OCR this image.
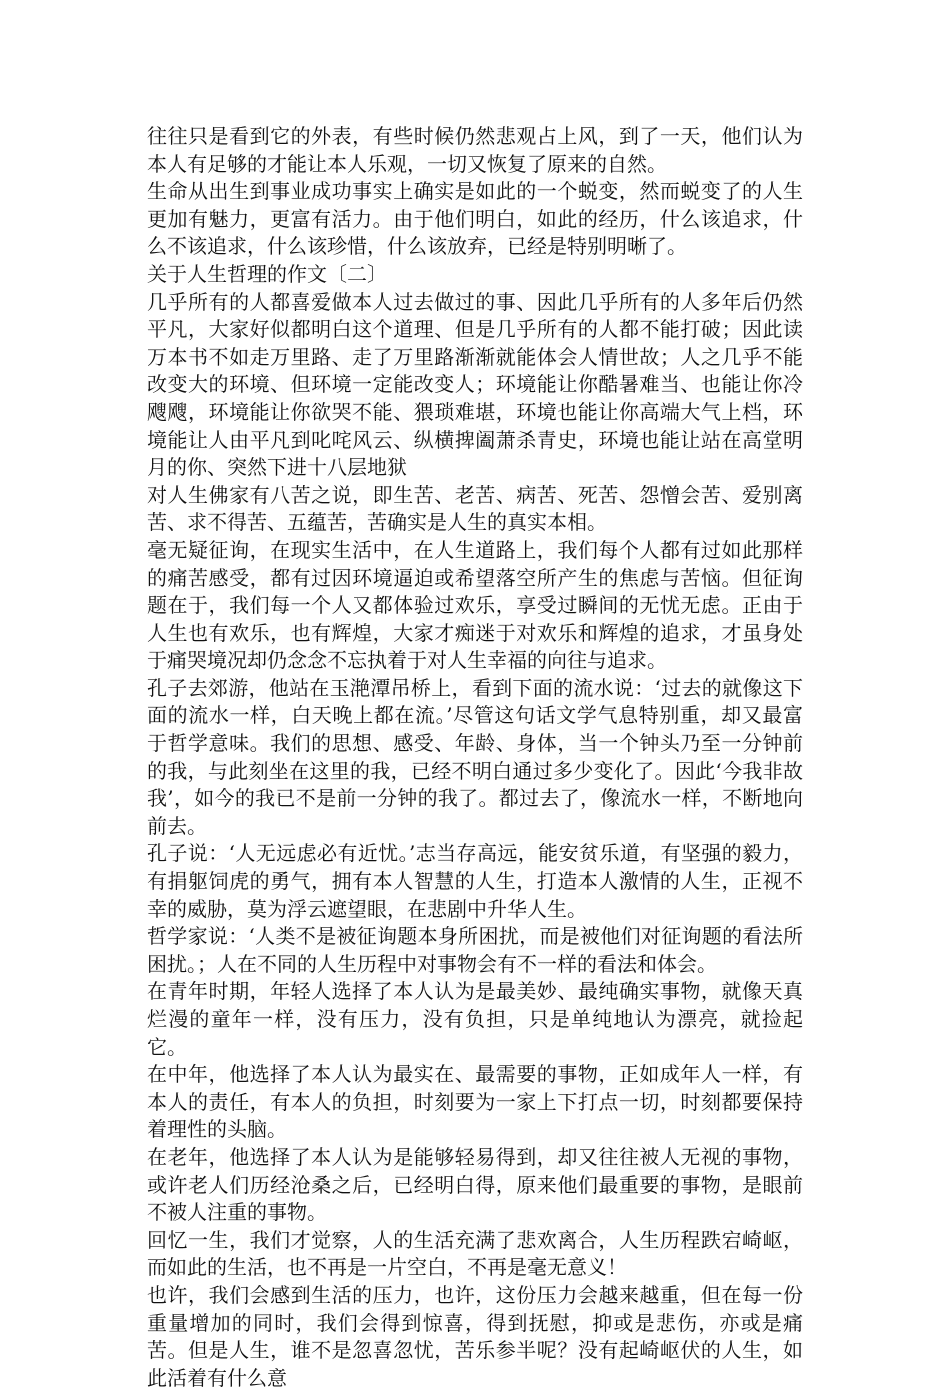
往往只是看到它的外表，有些时候仍然悲观占上风，到了一天，他们认为本人有足够的才能让本人乐观，一切又恢复了原来的自然。

生命从出生到事业成功事实上确实是如此的一个蜕变，然而蜕变了的人生更加有魅力，更富有活力。由于他们明白，如此的经历，什么该追求，什么不该追求，什么该珍惜，什么该放弃，已经是特别明晰了。

关于人生哲理的作文〔二〕

几乎所有的人都喜爱做本人过去做过的事、因此几乎所有的人多年后仍然平凡，大家好似都明白这个道理、但是几乎所有的人都不能打破；因此读万本书不如走万里路、走了万里路渐渐就能体会人情世故；人之几乎不能改变大的环境、但环境一定能改变人；环境能让你酷暑难当、也能让你冷飕飕，环境能让你欲哭不能、猥琐难堪，环境也能让你高端大气上档，环境能让人由平凡到叱咤风云、纵横捭阖萧杀青史，环境也能让站在高堂明月的你、突然下进十八层地狱

对人生佛家有八苦之说，即生苦、老苦、病苦、死苦、怨憎会苦、爱别离苦、求不得苦、五蕴苦，苦确实是人生的真实本相。

毫无疑征询，在现实生活中，在人生道路上，我们每个人都有过如此那样的痛苦感受，都有过因环境逼迫或希望落空所产生的焦虑与苦恼。但征询题在于，我们每一个人又都体验过欢乐，享受过瞬间的无忧无虑。正由于人生也有欢乐，也有辉煌，大家才痴迷于对欢乐和辉煌的追求，才虽身处于痛哭境况却仍念念不忘执着于对人生幸福的向往与追求。

孔子去郊游，他站在玉滟潭吊桥上，看到下面的流水说：‘过去的就像这下面的流水一样，白天晚上都在流。’尽管这句话文学气息特别重，却又最富于哲学意味。我们的思想、感受、年龄、身体，当一个钟头乃至一分钟前的我，与此刻坐在这里的我，已经不明白通过多少变化了。因此‘今我非故我’，如今的我已不是前一分钟的我了。都过去了，像流水一样，不断地向前去。

孔子说：‘人无远虑必有近忧。’志当存高远，能安贫乐道，有坚强的毅力，有捐躯饲虎的勇气，拥有本人智慧的人生，打造本人激情的人生，正视不幸的威胁，莫为浮云遮望眼，在悲剧中升华人生。

哲学家说：‘人类不是被征询题本身所困扰，而是被他们对征询题的看法所困扰。；人在不同的人生历程中对事物会有不一样的看法和体会。

在青年时期，年轻人选择了本人认为是最美妙、最纯确实事物，就像天真烂漫的童年一样，没有压力，没有负担，只是单纯地认为漂亮，就捡起它。

在中年，他选择了本人认为最实在、最需要的事物，正如成年人一样，有本人的责任，有本人的负担，时刻要为一家上下打点一切，时刻都要保持着理性的头脑。

在老年，他选择了本人认为是能够轻易得到，却又往往被人无视的事物，或许老人们历经沧桑之后，已经明白得，原来他们最重要的事物，是眼前不被人注重的事物。

回忆一生，我们才觉察，人的生活充满了悲欢离合，人生历程跌宕崎岖，而如此的生活，也不再是一片空白，不再是毫无意义！

也许，我们会感到生活的压力，也许，这份压力会越来越重，但在每一份重量增加的同时，我们会得到惊喜，得到抚慰，抑或是悲伤，亦或是痛苦。但是人生，谁不是忽喜忽忧，苦乐参半呢？没有起崎岖伏的人生，如此活着有什么意
